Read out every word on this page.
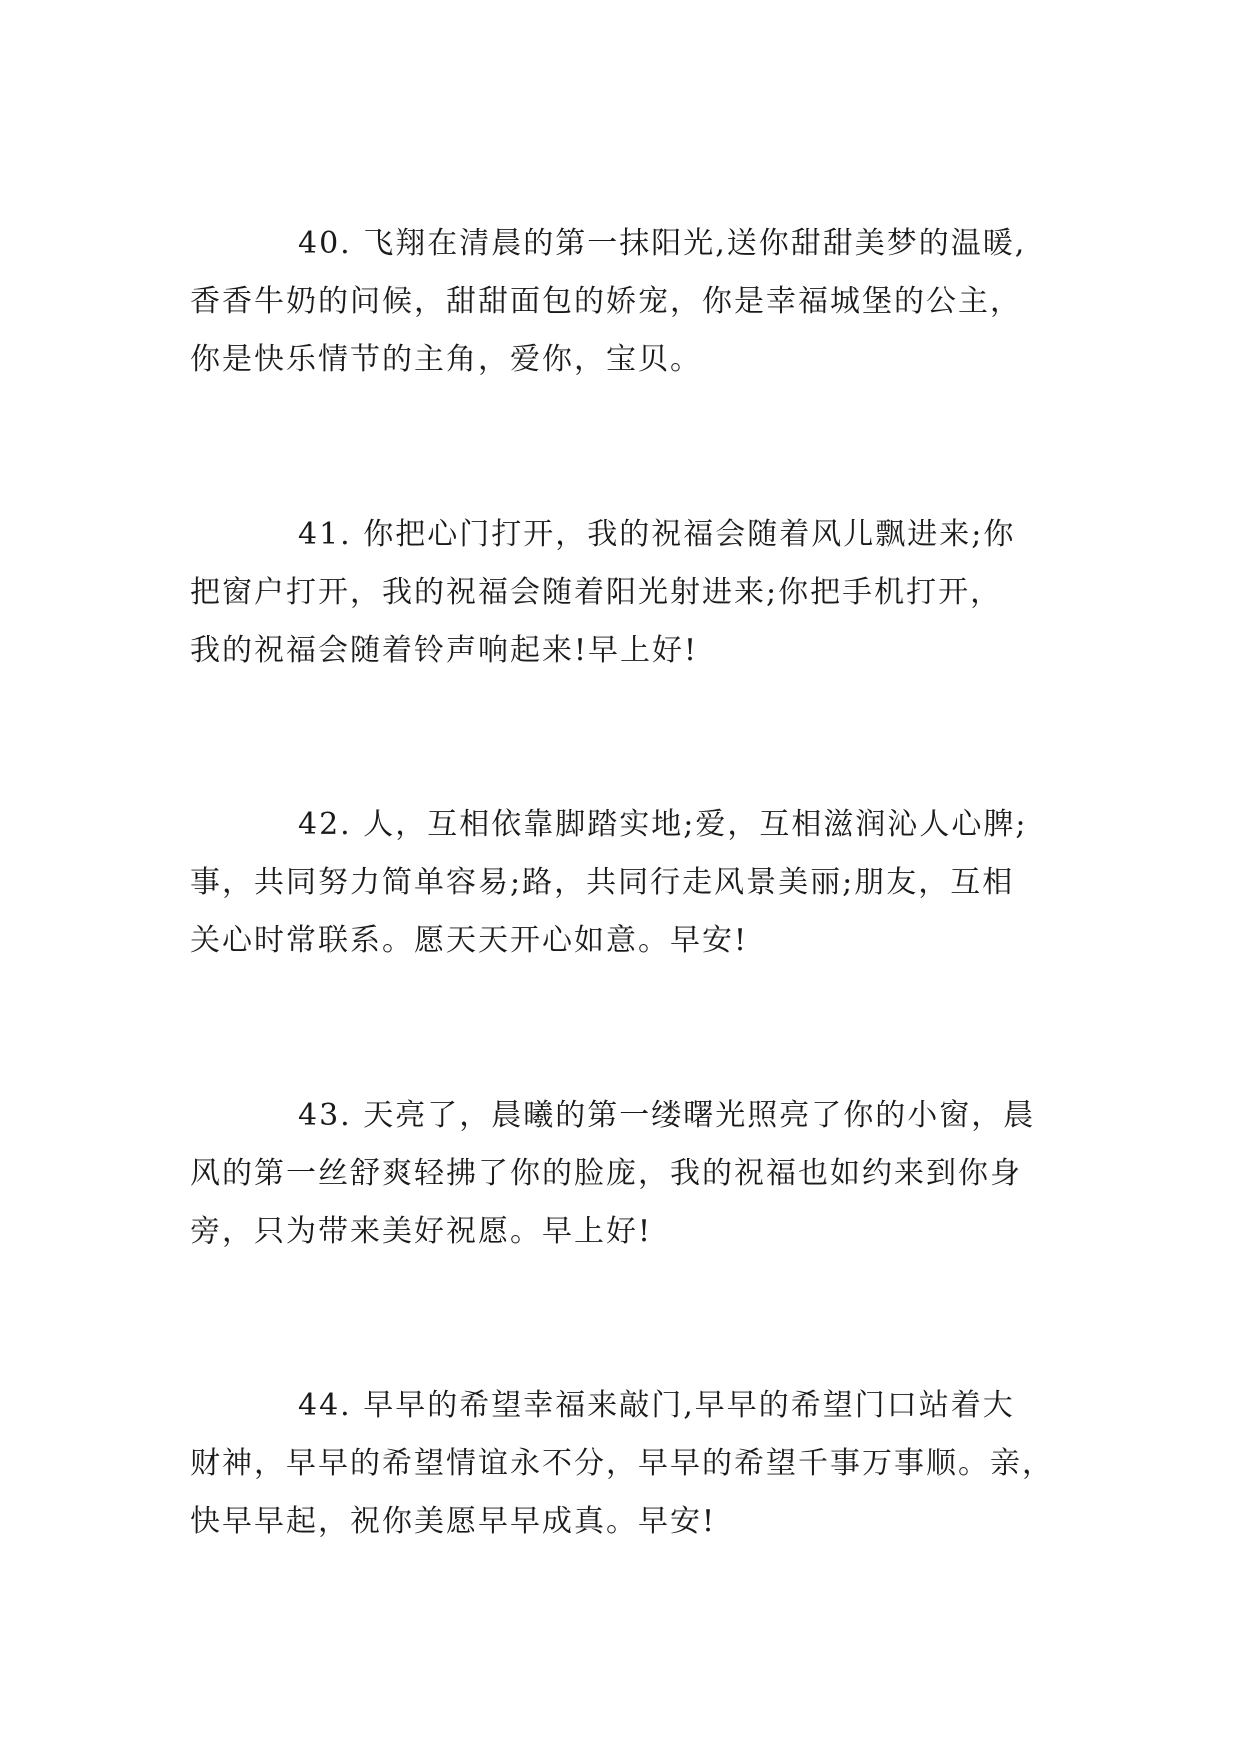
40. 飞翔在清晨的第一抹阳光,送你甜甜美梦的温暖,
香香牛奶的问候，甜甜面包的娇宠，你是幸福城堡的公主，
你是快乐情节的主角，爱你，宝贝。
41. 你把心门打开，我的祝福会随着风儿飘进来;你
把窗户打开，我的祝福会随着阳光射进来;你把手机打开，
我的祝福会随着铃声响起来!早上好!
42. 人，互相依靠脚踏实地;爱，互相滋润沁人心脾;
事，共同努力简单容易;路，共同行走风景美丽;朋友，互相
关心时常联系。愿天天开心如意。早安!
43. 天亮了，晨曦的第一缕曙光照亮了你的小窗，晨
风的第一丝舒爽轻拂了你的脸庞，我的祝福也如约来到你身
旁，只为带来美好祝愿。早上好!
44. 早早的希望幸福来敲门,早早的希望门口站着大
财神，早早的希望情谊永不分，早早的希望千事万事顺。亲，
快早早起，祝你美愿早早成真。早安!
